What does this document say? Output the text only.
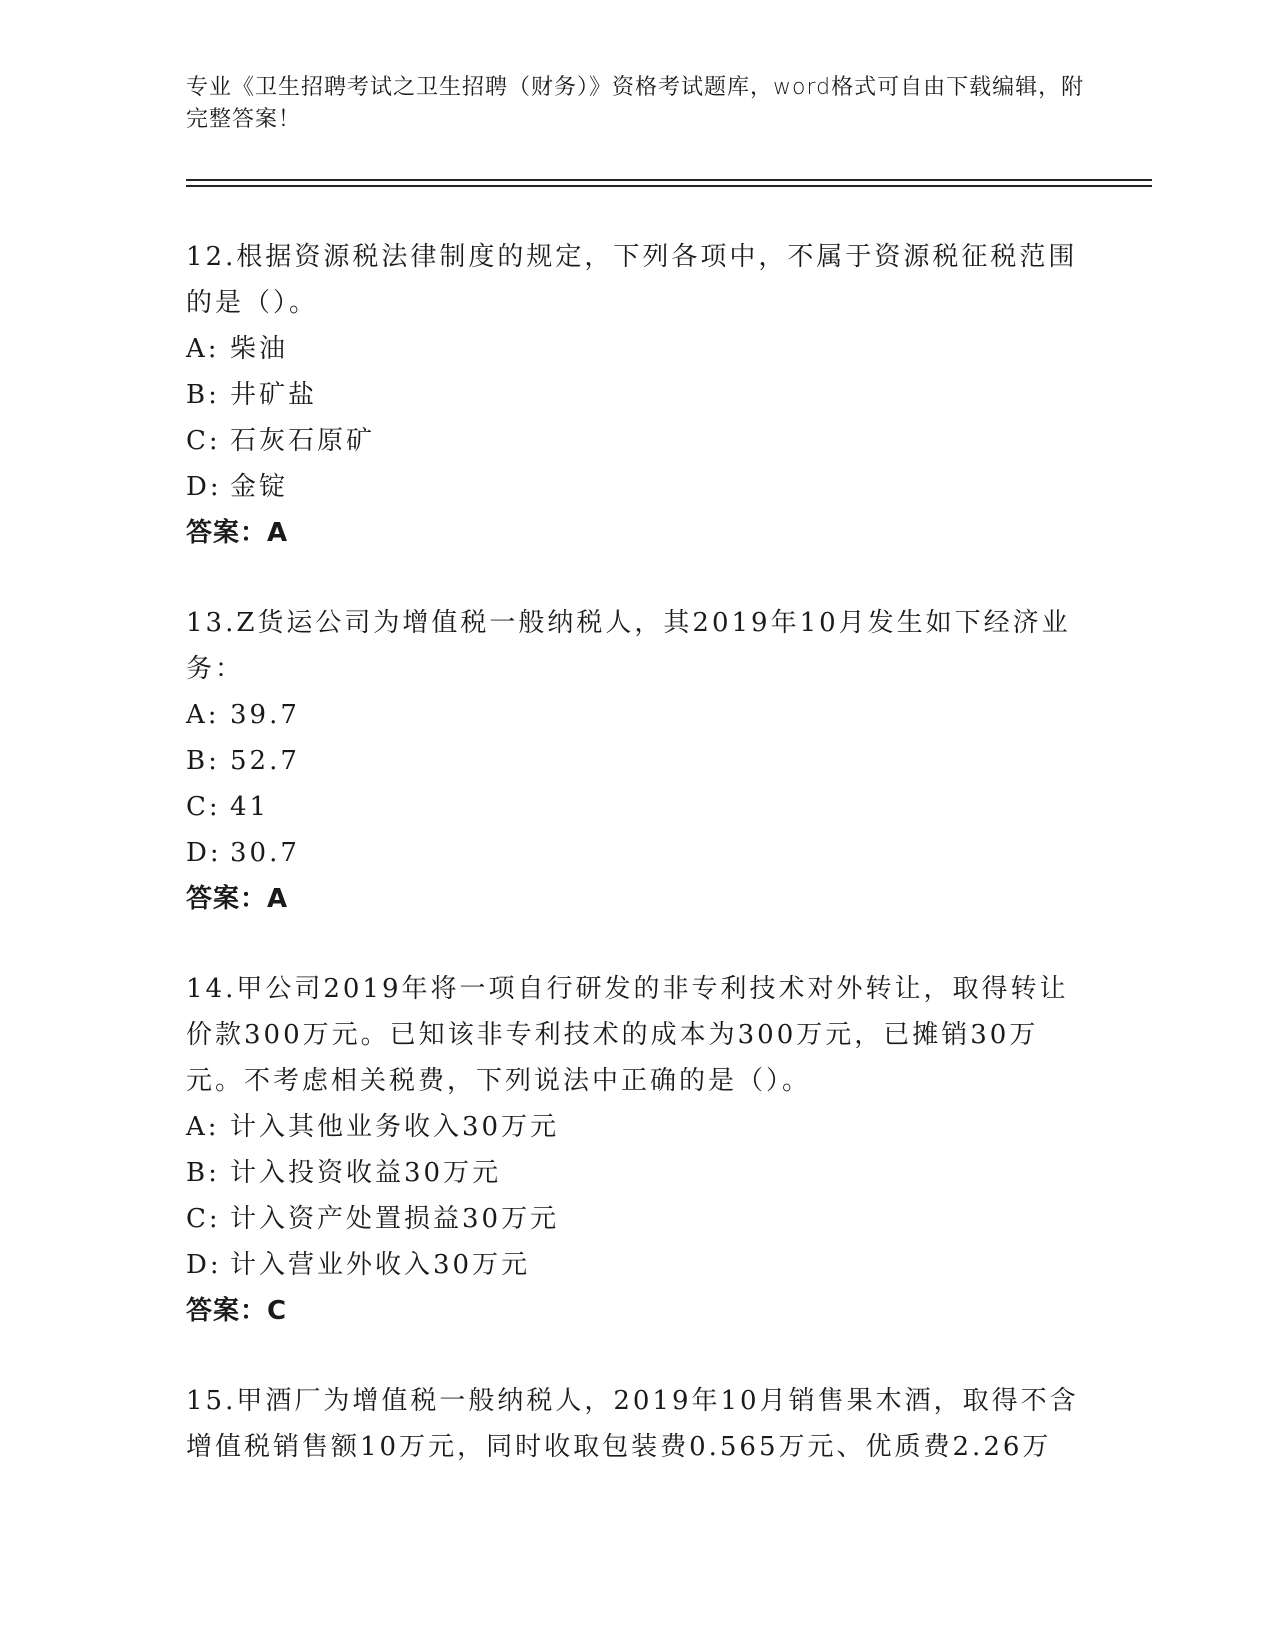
专业《卫生招聘考试之卫生招聘（财务）》资格考试题库，word格式可自由下载编辑，附完整答案！
12.根据资源税法律制度的规定，下列各项中，不属于资源税征税范围的是（）。
A: 柴油
B: 井矿盐
C: 石灰石原矿
D: 金锭
答案：A
13.Z货运公司为增值税一般纳税人，其2019年10月发生如下经济业务：
A: 39.7
B: 52.7
C: 41
D: 30.7
答案：A
14.甲公司2019年将一项自行研发的非专利技术对外转让，取得转让价款300万元。已知该非专利技术的成本为300万元，已摊销30万元。不考虑相关税费，下列说法中正确的是（）。
A: 计入其他业务收入30万元
B: 计入投资收益30万元
C: 计入资产处置损益30万元
D: 计入营业外收入30万元
答案：C
15.甲酒厂为增值税一般纳税人，2019年10月销售果木酒，取得不含增值税销售额10万元，同时收取包装费0.565万元、优质费2.26万
